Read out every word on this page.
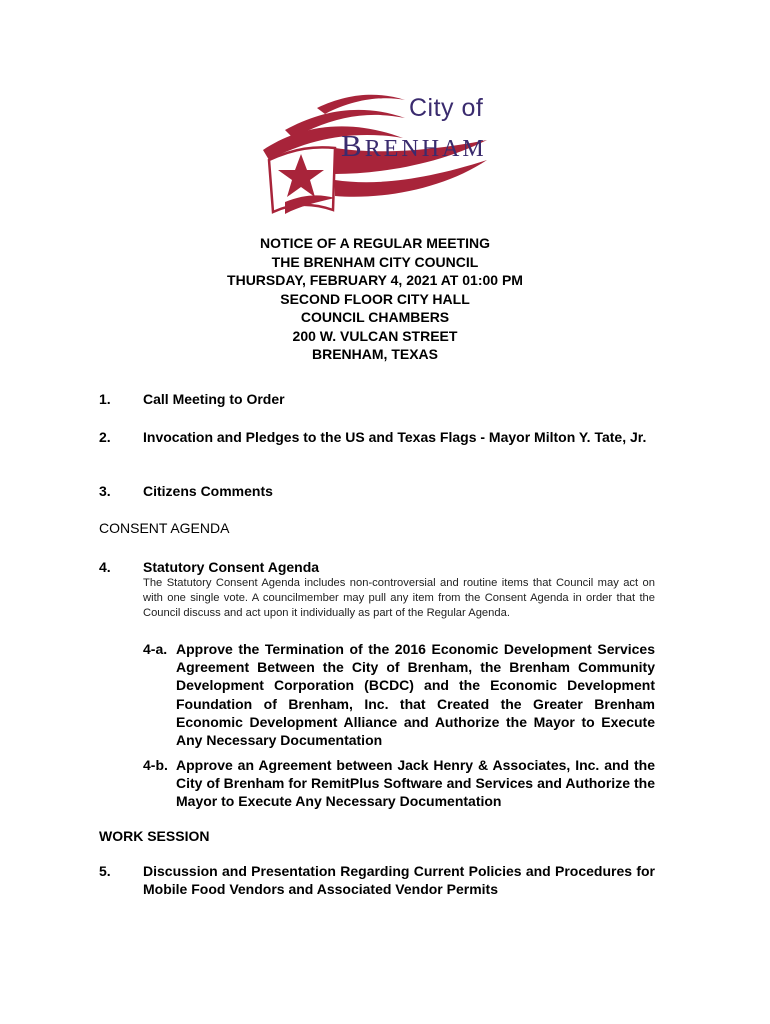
City of
BRENHAM
NOTICE OF A REGULAR MEETING
THE BRENHAM CITY COUNCIL
THURSDAY, FEBRUARY 4, 2021 AT 01:00 PM
SECOND FLOOR CITY HALL
COUNCIL CHAMBERS
200 W. VULCAN STREET
BRENHAM, TEXAS
1. Call Meeting to Order
2. Invocation and Pledges to the US and Texas Flags - Mayor Milton Y. Tate, Jr.
3. Citizens Comments
CONSENT AGENDA
4. Statutory Consent Agenda
The Statutory Consent Agenda includes non-controversial and routine items that Council may act on with one single vote. A councilmember may pull any item from the Consent Agenda in order that the Council discuss and act upon it individually as part of the Regular Agenda.
4-a. Approve the Termination of the 2016 Economic Development Services Agreement Between the City of Brenham, the Brenham Community Development Corporation (BCDC) and the Economic Development Foundation of Brenham, Inc. that Created the Greater Brenham Economic Development Alliance and Authorize the Mayor to Execute Any Necessary Documentation
4-b. Approve an Agreement between Jack Henry & Associates, Inc. and the City of Brenham for RemitPlus Software and Services and Authorize the Mayor to Execute Any Necessary Documentation
WORK SESSION
5. Discussion and Presentation Regarding Current Policies and Procedures for Mobile Food Vendors and Associated Vendor Permits
